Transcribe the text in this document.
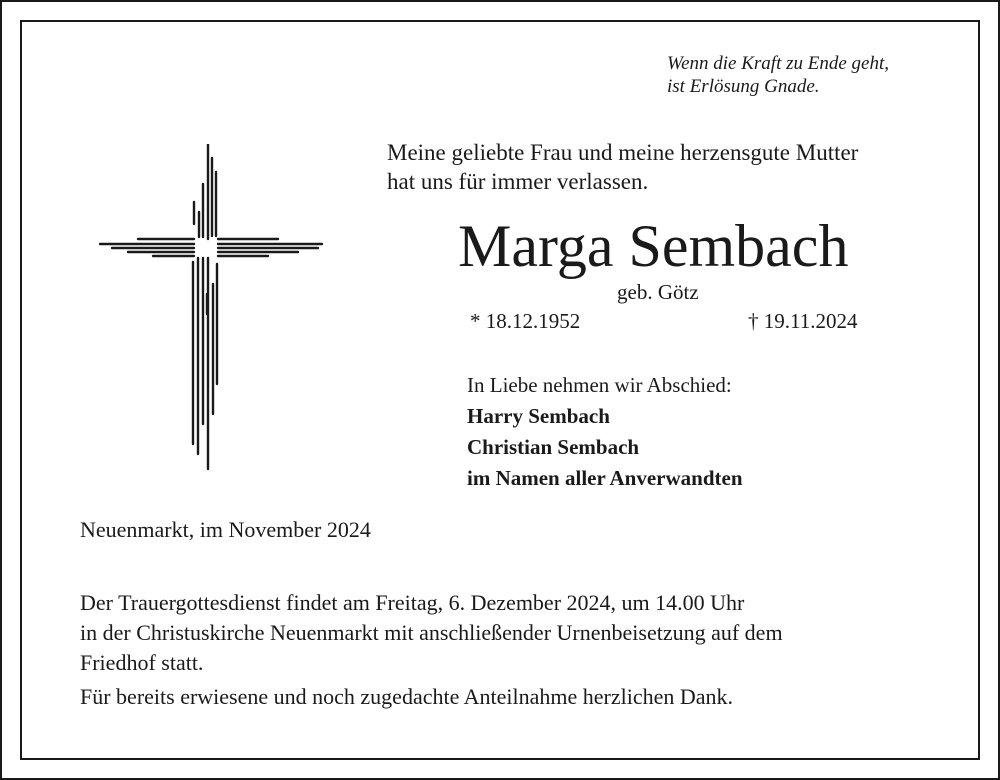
Wenn die Kraft zu Ende geht,
ist Erlösung Gnade.
Meine geliebte Frau und meine herzensgute Mutter
hat uns für immer verlassen.
Marga Sembach
geb. Götz
* 18.12.1952	† 19.11.2024
In Liebe nehmen wir Abschied:
Harry Sembach
Christian Sembach
im Namen aller Anverwandten
Neuenmarkt, im November 2024
Der Trauergottesdienst findet am Freitag, 6. Dezember 2024, um 14.00 Uhr
in der Christuskirche Neuenmarkt mit anschließender Urnenbeisetzung auf dem
Friedhof statt.
Für bereits erwiesene und noch zugedachte Anteilnahme herzlichen Dank.
